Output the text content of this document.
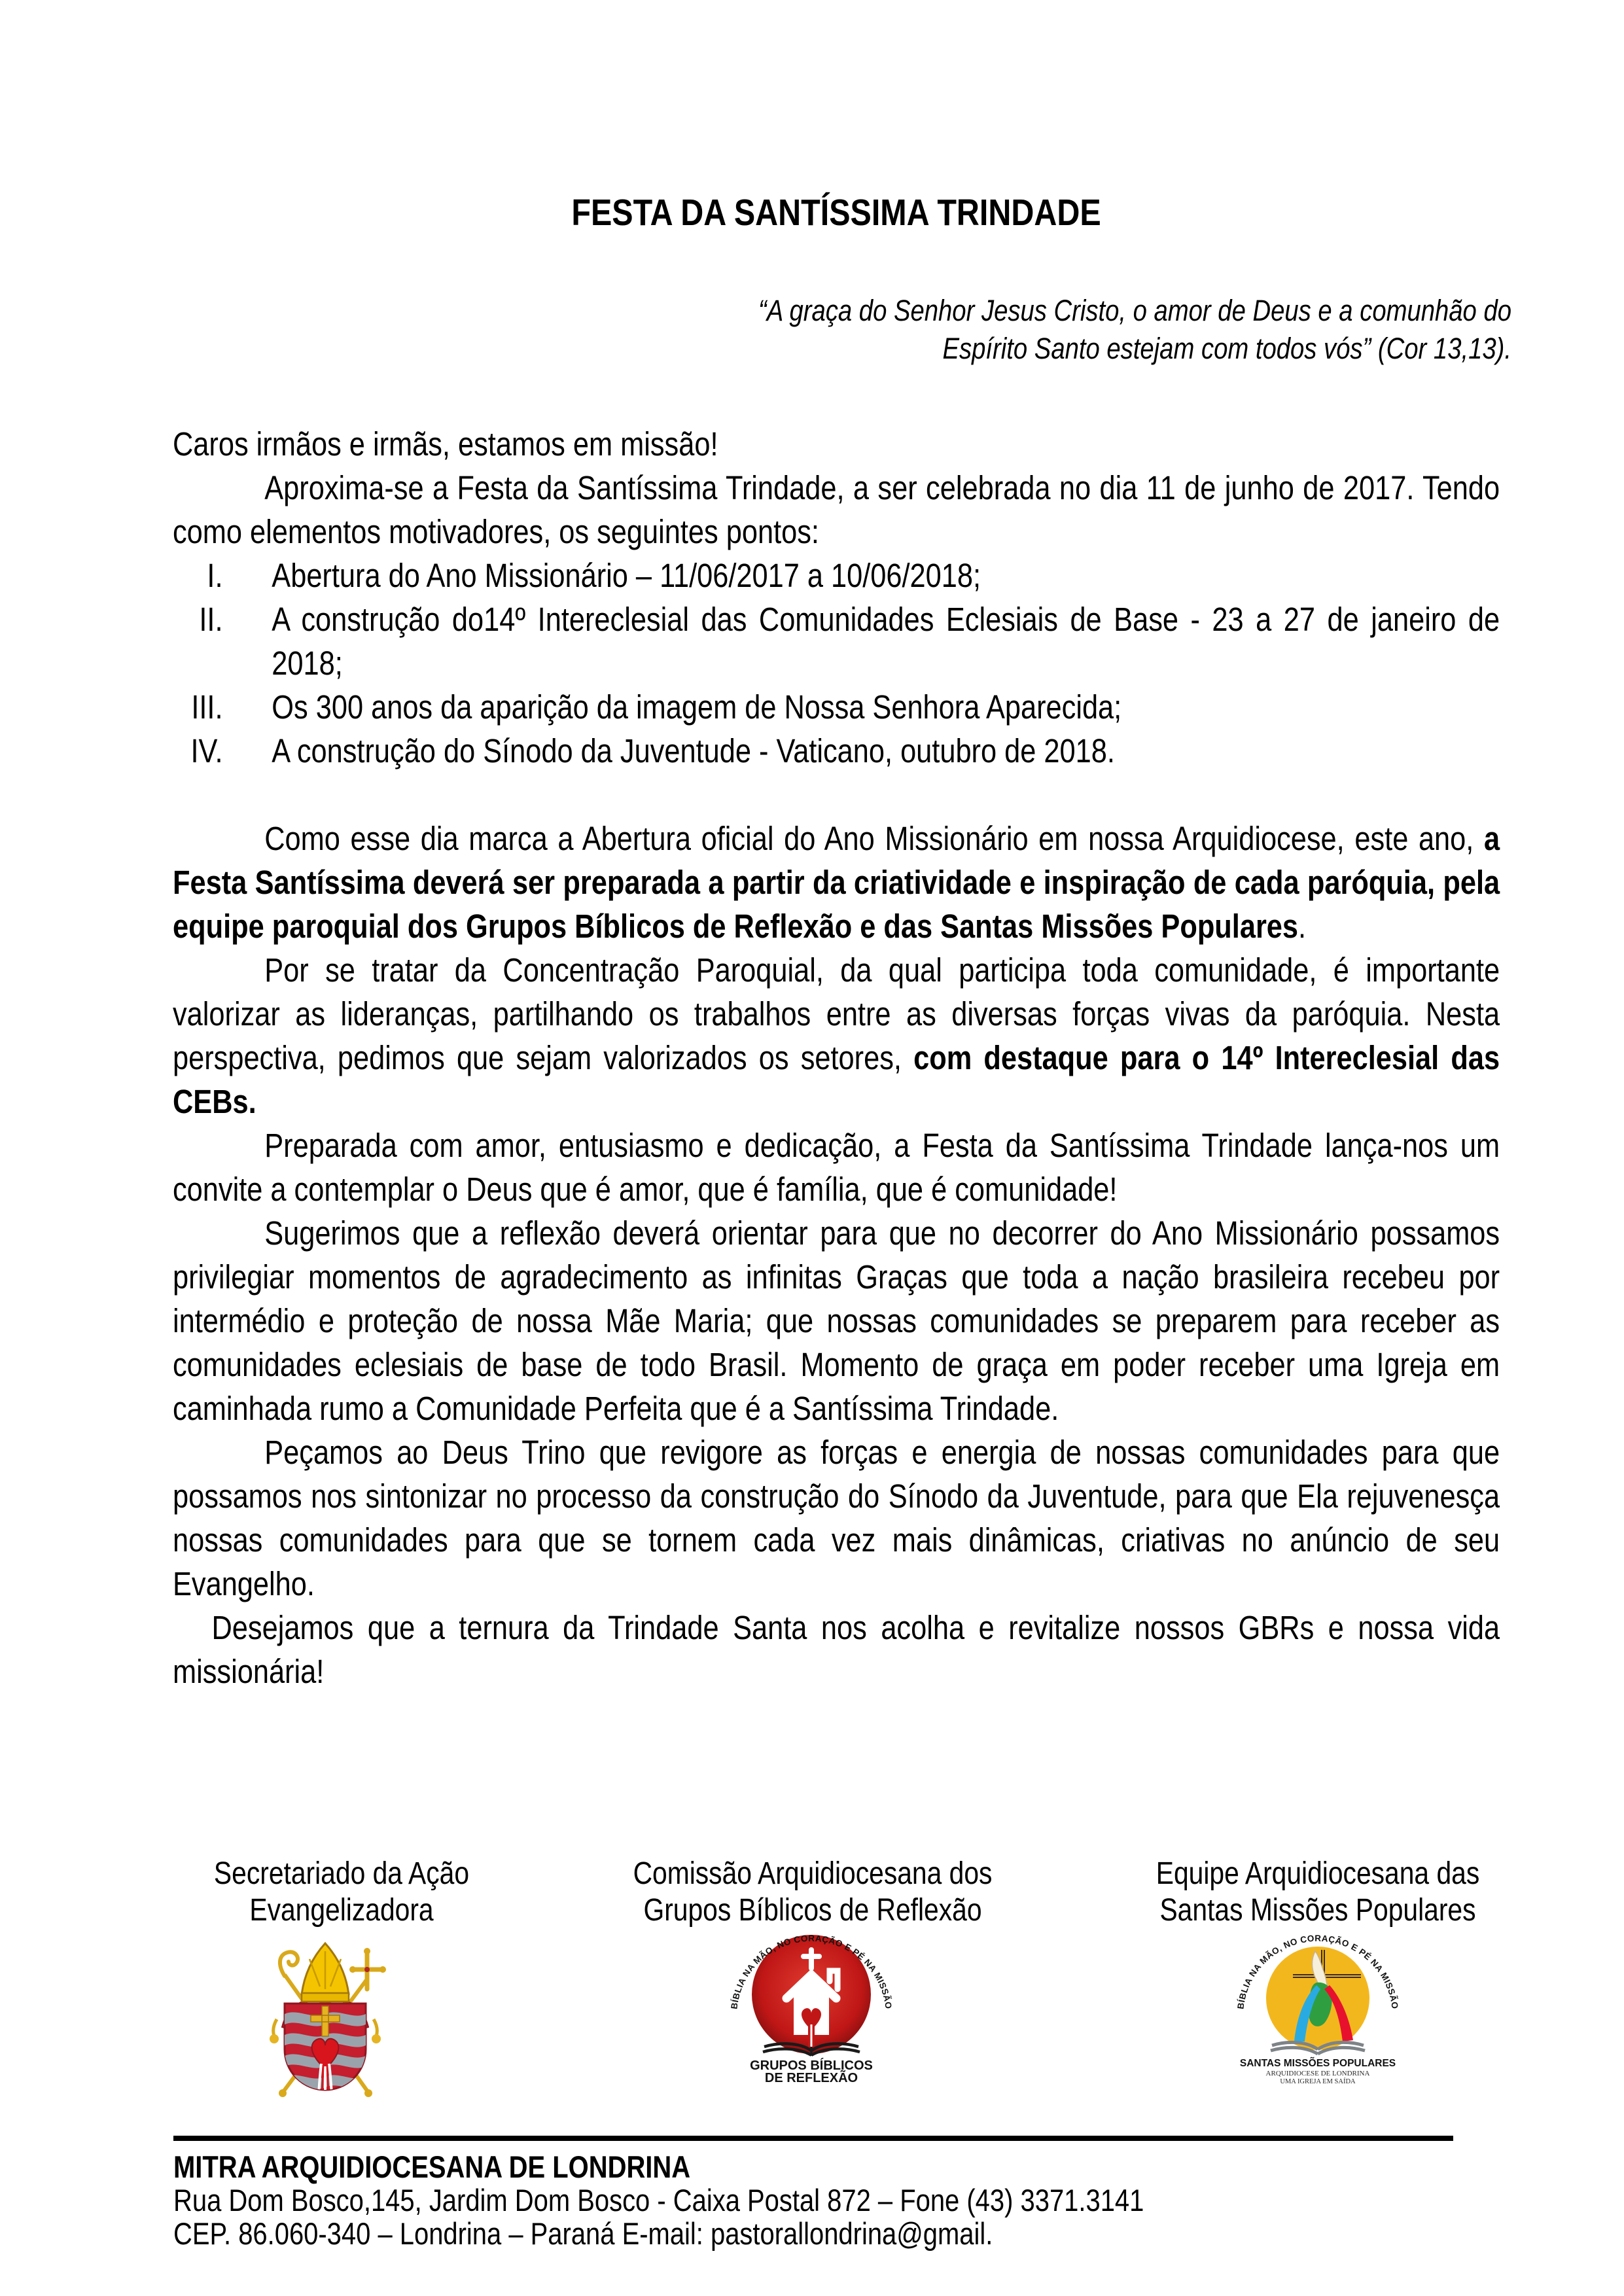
FESTA DA SANTÍSSIMA TRINDADE
“A graça do Senhor Jesus Cristo, o amor de Deus e a comunhão do
Espírito Santo estejam com todos vós” (Cor 13,13).

Caros irmãos e irmãs, estamos em missão!

Aproxima-se a Festa da Santíssima Trindade, a ser celebrada no dia 11 de junho de 2017. Tendo como elementos motivadores, os seguintes pontos:

I. Abertura do Ano Missionário – 11/06/2017 a 10/06/2018;
II. A construção do14º Intereclesial das Comunidades Eclesiais de Base - 23 a 27 de janeiro de 2018;
III. Os 300 anos da aparição da imagem de Nossa Senhora Aparecida;
IV. A construção do Sínodo da Juventude - Vaticano, outubro de 2018.

Como esse dia marca a Abertura oficial do Ano Missionário em nossa Arquidiocese, este ano, a Festa Santíssima deverá ser preparada a partir da criatividade e inspiração de cada paróquia, pela equipe paroquial dos Grupos Bíblicos de Reflexão e das Santas Missões Populares.

Por se tratar da Concentração Paroquial, da qual participa toda comunidade, é importante valorizar as lideranças, partilhando os trabalhos entre as diversas forças vivas da paróquia. Nesta perspectiva, pedimos que sejam valorizados os setores, com destaque para o 14º Intereclesial das CEBs.

Preparada com amor, entusiasmo e dedicação, a Festa da Santíssima Trindade lança-nos um convite a contemplar o Deus que é amor, que é família, que é comunidade!

Sugerimos que a reflexão deverá orientar para que no decorrer do Ano Missionário possamos privilegiar momentos de agradecimento as infinitas Graças que toda a nação brasileira recebeu por intermédio e proteção de nossa Mãe Maria; que nossas comunidades se preparem para receber as comunidades eclesiais de base de todo Brasil. Momento de graça em poder receber uma Igreja em caminhada rumo a Comunidade Perfeita que é a Santíssima Trindade.

Peçamos ao Deus Trino que revigore as forças e energia de nossas comunidades para que possamos nos sintonizar no processo da construção do Sínodo da Juventude, para que Ela rejuvenesça nossas comunidades para que se tornem cada vez mais dinâmicas, criativas no anúncio de seu Evangelho.

Desejamos que a ternura da Trindade Santa nos acolha e revitalize nossos GBRs e nossa vida missionária!

Secretariado da Ação
Evangelizadora
Comissão Arquidiocesana dos
Grupos Bíblicos de Reflexão
Equipe Arquidiocesana das
Santas Missões Populares
BÍBLIA NA MÃO, NO CORAÇÃO E PÉ NA MISSÃO
GRUPOS BÍBLICOS
DE REFLEXÃO
BÍBLIA NA MÃO, NO CORAÇÃO E PÉ NA MISSÃO
SANTAS MISSÕES POPULARES
ARQUIDIOCESE DE LONDRINA
UMA IGREJA EM SAÍDA
MITRA ARQUIDIOCESANA DE LONDRINA
Rua Dom Bosco,145, Jardim Dom Bosco - Caixa Postal 872 – Fone (43) 3371.3141
CEP. 86.060-340 – Londrina – Paraná E-mail: pastorallondrina@gmail.
